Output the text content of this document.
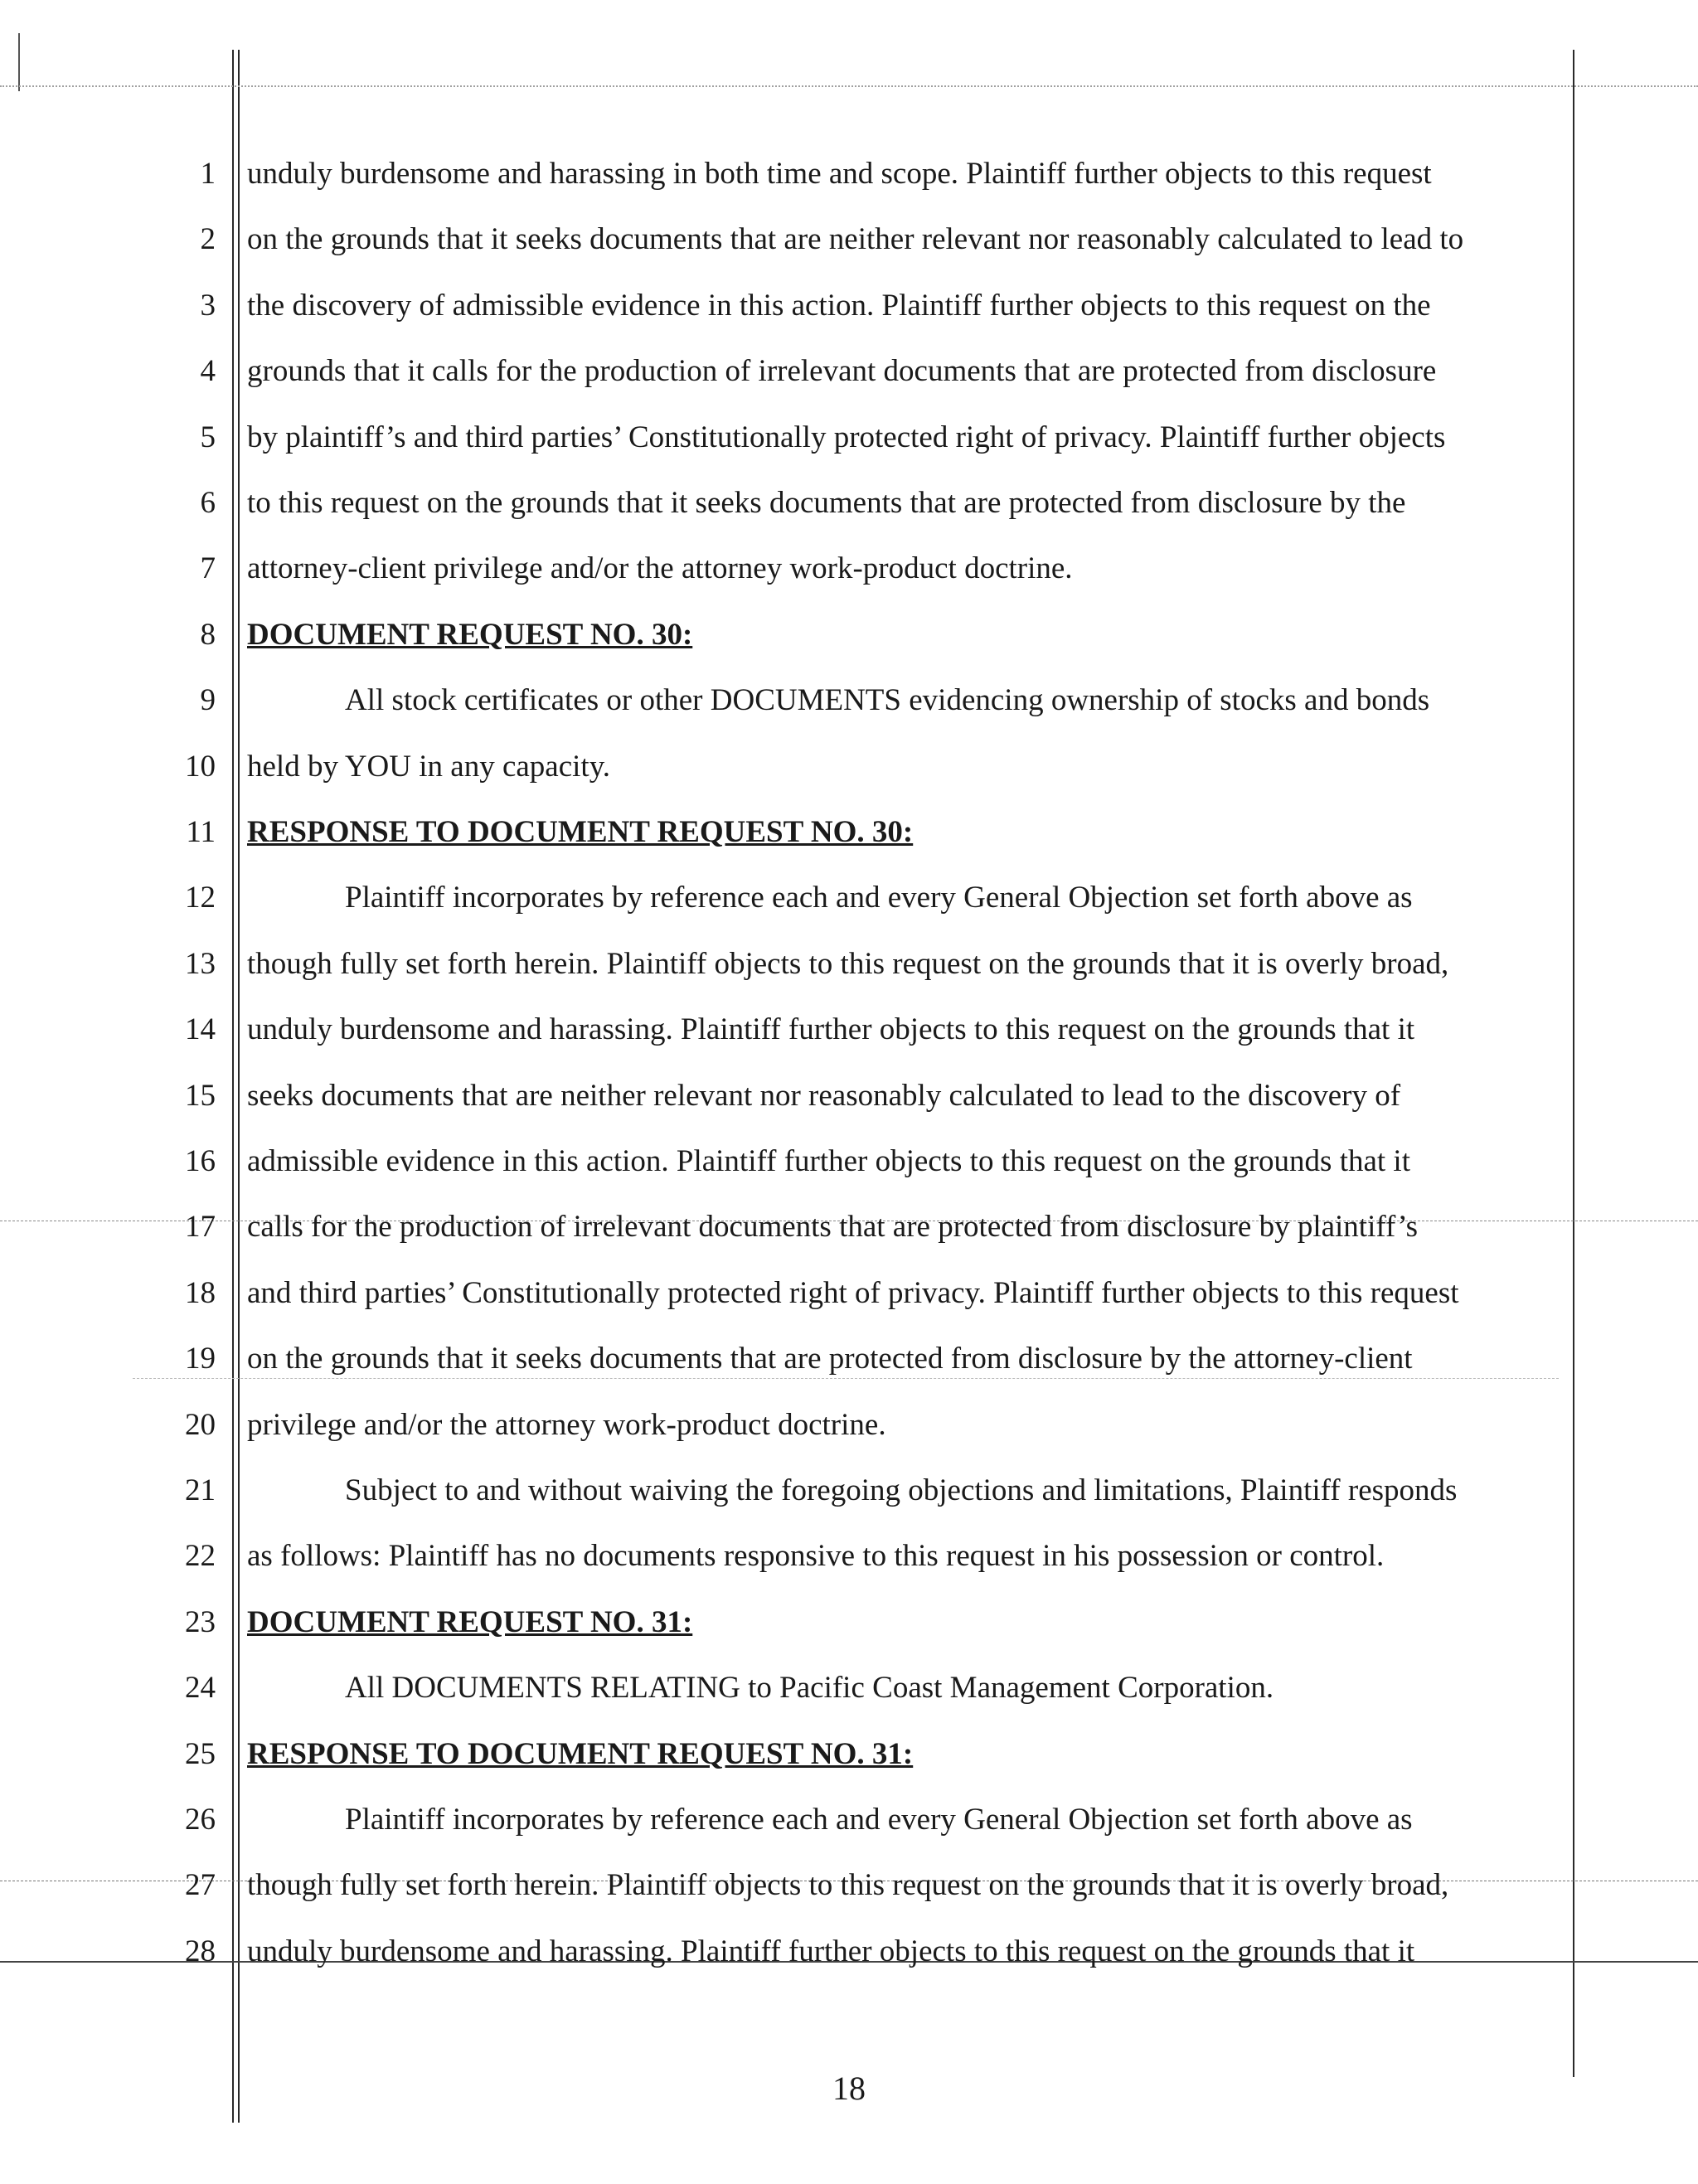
1 unduly burdensome and harassing in both time and scope. Plaintiff further objects to this request
2 on the grounds that it seeks documents that are neither relevant nor reasonably calculated to lead to
3 the discovery of admissible evidence in this action. Plaintiff further objects to this request on the
4 grounds that it calls for the production of irrelevant documents that are protected from disclosure
5 by plaintiff’s and third parties’ Constitutionally protected right of privacy. Plaintiff further objects
6 to this request on the grounds that it seeks documents that are protected from disclosure by the
7 attorney-client privilege and/or the attorney work-product doctrine.
8 DOCUMENT REQUEST NO. 30:
9	All stock certificates or other DOCUMENTS evidencing ownership of stocks and bonds
10 held by YOU in any capacity.
11 RESPONSE TO DOCUMENT REQUEST NO. 30:
12	Plaintiff incorporates by reference each and every General Objection set forth above as
13 though fully set forth herein. Plaintiff objects to this request on the grounds that it is overly broad,
14 unduly burdensome and harassing. Plaintiff further objects to this request on the grounds that it
15 seeks documents that are neither relevant nor reasonably calculated to lead to the discovery of
16 admissible evidence in this action. Plaintiff further objects to this request on the grounds that it
17 calls for the production of irrelevant documents that are protected from disclosure by plaintiff’s
18 and third parties’ Constitutionally protected right of privacy. Plaintiff further objects to this request
19 on the grounds that it seeks documents that are protected from disclosure by the attorney-client
20 privilege and/or the attorney work-product doctrine.
21	Subject to and without waiving the foregoing objections and limitations, Plaintiff responds
22 as follows: Plaintiff has no documents responsive to this request in his possession or control.
23 DOCUMENT REQUEST NO. 31:
24	All DOCUMENTS RELATING to Pacific Coast Management Corporation.
25 RESPONSE TO DOCUMENT REQUEST NO. 31:
26	Plaintiff incorporates by reference each and every General Objection set forth above as
27 though fully set forth herein. Plaintiff objects to this request on the grounds that it is overly broad,
28 unduly burdensome and harassing. Plaintiff further objects to this request on the grounds that it
18
